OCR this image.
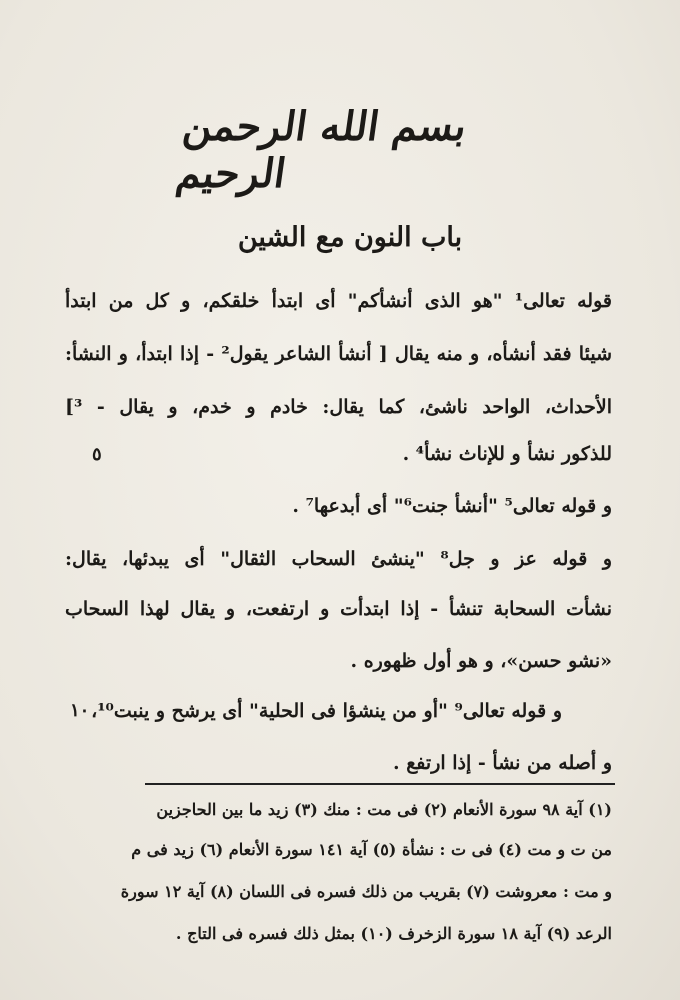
بسم الله الرحمن الرحيم
باب النون مع الشين
قوله تعالى¹ "هو الذى أنشأكم" أى ابتدأ خلقكم، و كل من ابتدأ
شيئا فقد أنشأه، و منه يقال [ أنشأ الشاعر يقول² - إذا ابتدأ، و النشأ:
الأحداث، الواحد ناشئ، كما يقال: خادم و خدم، و يقال - ³]
للذكور نشأ و للإناث نشأ⁴ .
و قوله تعالى⁵ "أنشأ جنت⁶" أى أبدعها⁷ .
و قوله عز و جل⁸ "ينشئ السحاب الثقال" أى يبدئها، يقال:
نشأت السحابة تنشأ - إذا ابتدأت و ارتفعت، و يقال لهذا السحاب
«نشو حسن»، و هو أول ظهوره .
و قوله تعالى⁹ "أو من ينشؤا فى الحلية" أى يرشح و ينبت¹⁰،
و أصله من نشأ - إذا ارتفع .
٥
١٠
(١) آية ٩٨ سورة الأنعام (٢) فى مت : منك (٣) زيد ما بين الحاجزين
من ت و مت (٤) فى ت : نشأة (٥) آية ١٤١ سورة الأنعام (٦) زيد فى م
و مت : معروشت (٧) بقريب من ذلك فسره فى اللسان (٨) آية ١٢ سورة
الرعد (٩) آية ١٨ سورة الزخرف (١٠) بمثل ذلك فسره فى التاج .
